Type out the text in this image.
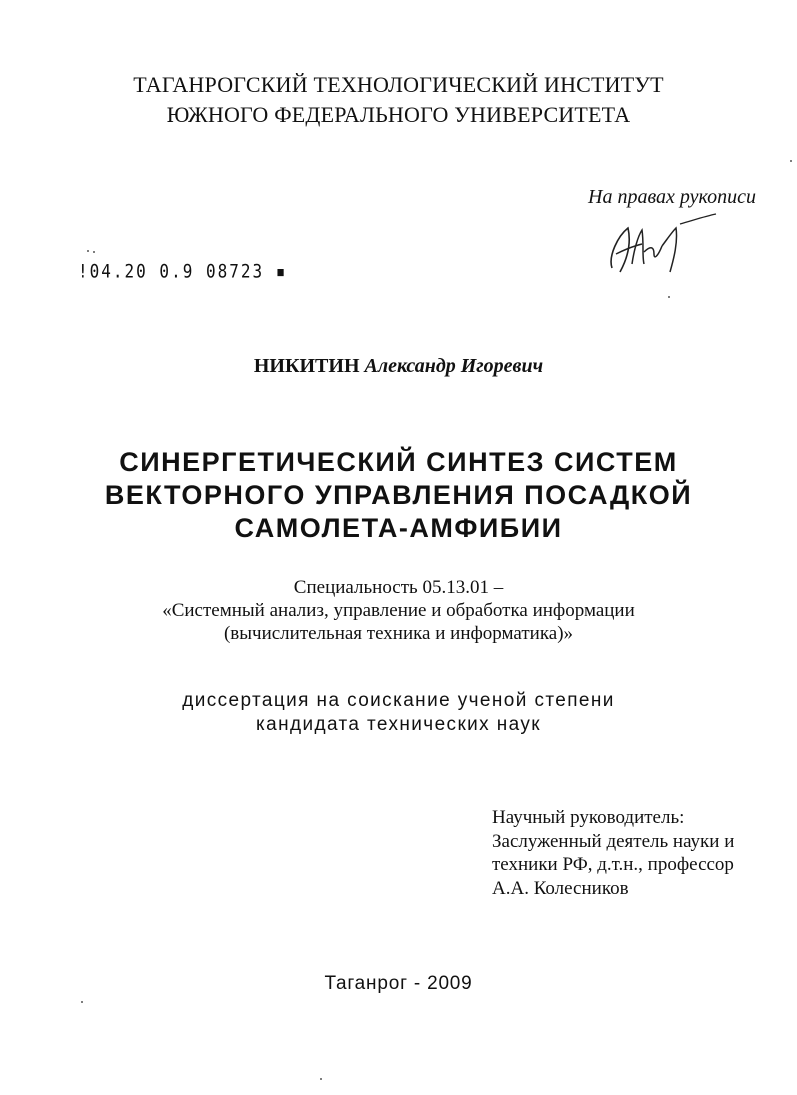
ТАГАНРОГСКИЙ ТЕХНОЛОГИЧЕСКИЙ ИНСТИТУТ
ЮЖНОГО ФЕДЕРАЛЬНОГО УНИВЕРСИТЕТА
На правах рукописи
!04.20 0.9 08723 ▪
НИКИТИН Александр Игоревич
СИНЕРГЕТИЧЕСКИЙ СИНТЕЗ СИСТЕМ
ВЕКТОРНОГО УПРАВЛЕНИЯ ПОСАДКОЙ
САМОЛЕТА-АМФИБИИ
Специальность 05.13.01 –
«Системный анализ, управление и обработка информации
(вычислительная техника и информатика)»
диссертация на соискание ученой степени
кандидата технических наук
Научный руководитель:
Заслуженный деятель науки и
техники РФ, д.т.н., профессор
А.А. Колесников
Таганрог - 2009
